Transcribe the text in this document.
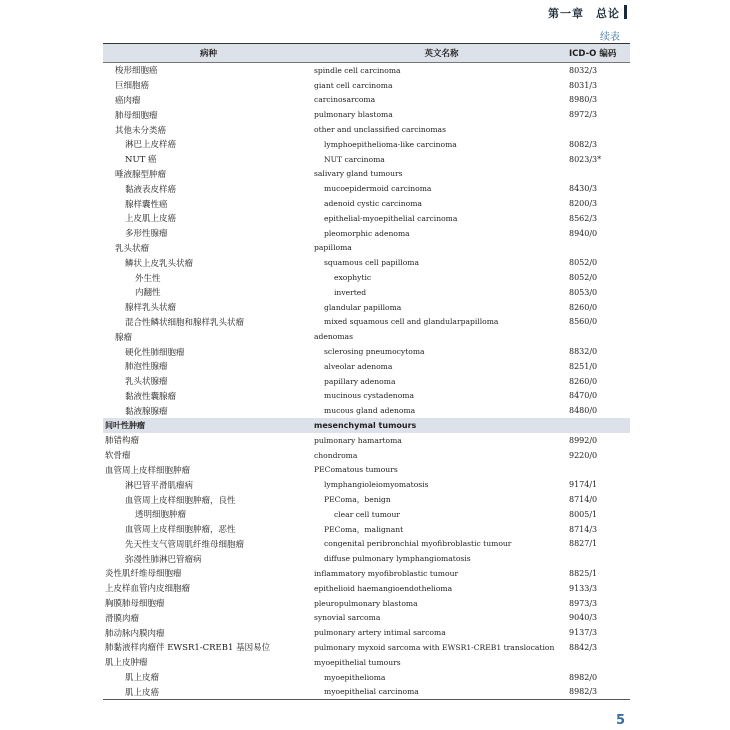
第一章　总论
续表
病种	英文名称	ICD-O 编码
梭形细胞癌	spindle cell carcinoma	8032/3
巨细胞癌	giant cell carcinoma	8031/3
癌肉瘤	carcinosarcoma	8980/3
肺母细胞瘤	pulmonary blastoma	8972/3
其他未分类癌	other and unclassified carcinomas
淋巴上皮样癌	lymphoepithelioma-like carcinoma	8082/3
NUT 癌	NUT carcinoma	8023/3*
唾液腺型肿瘤	salivary gland tumours
黏液表皮样癌	mucoepidermoid carcinoma	8430/3
腺样囊性癌	adenoid cystic carcinoma	8200/3
上皮肌上皮癌	epithelial-myoepithelial carcinoma	8562/3
多形性腺瘤	pleomorphic adenoma	8940/0
乳头状瘤	papilloma
鳞状上皮乳头状瘤	squamous cell papilloma	8052/0
外生性	exophytic	8052/0
内翻性	inverted	8053/0
腺样乳头状瘤	glandular papilloma	8260/0
混合性鳞状细胞和腺样乳头状瘤	mixed squamous cell and glandularpapilloma	8560/0
腺瘤	adenomas
硬化性肺细胞瘤	sclerosing pneumocytoma	8832/0
肺泡性腺瘤	alveolar adenoma	8251/0
乳头状腺瘤	papillary adenoma	8260/0
黏液性囊腺瘤	mucinous cystadenoma	8470/0
黏液腺腺瘤	mucous gland adenoma	8480/0
间叶性肿瘤	mesenchymal tumours
肺错构瘤	pulmonary hamartoma	8992/0
软骨瘤	chondroma	9220/0
血管周上皮样细胞肿瘤	PEComatous tumours
淋巴管平滑肌瘤病	lymphangioleiomyomatosis	9174/1
血管周上皮样细胞肿瘤，良性	PEComa，benign	8714/0
透明细胞肿瘤	clear cell tumour	8005/1
血管周上皮样细胞肿瘤，恶性	PEComa，malignant	8714/3
先天性支气管周肌纤维母细胞瘤	congenital peribronchial myofibroblastic tumour	8827/1
弥漫性肺淋巴管瘤病	diffuse pulmonary lymphangiomatosis
炎性肌纤维母细胞瘤	inflammatory myofibroblastic tumour	8825/1
上皮样血管内皮细胞瘤	epithelioid haemangioendothelioma	9133/3
胸膜肺母细胞瘤	pleuropulmonary blastoma	8973/3
滑膜肉瘤	synovial sarcoma	9040/3
肺动脉内膜肉瘤	pulmonary artery intimal sarcoma	9137/3
肺黏液样肉瘤伴 EWSR1-CREB1 基因易位	pulmonary myxoid sarcoma with EWSR1-CREB1 translocation	8842/3
肌上皮肿瘤	myoepithelial tumours
肌上皮瘤	myoepithelioma	8982/0
肌上皮癌	myoepithelial carcinoma	8982/3
5
